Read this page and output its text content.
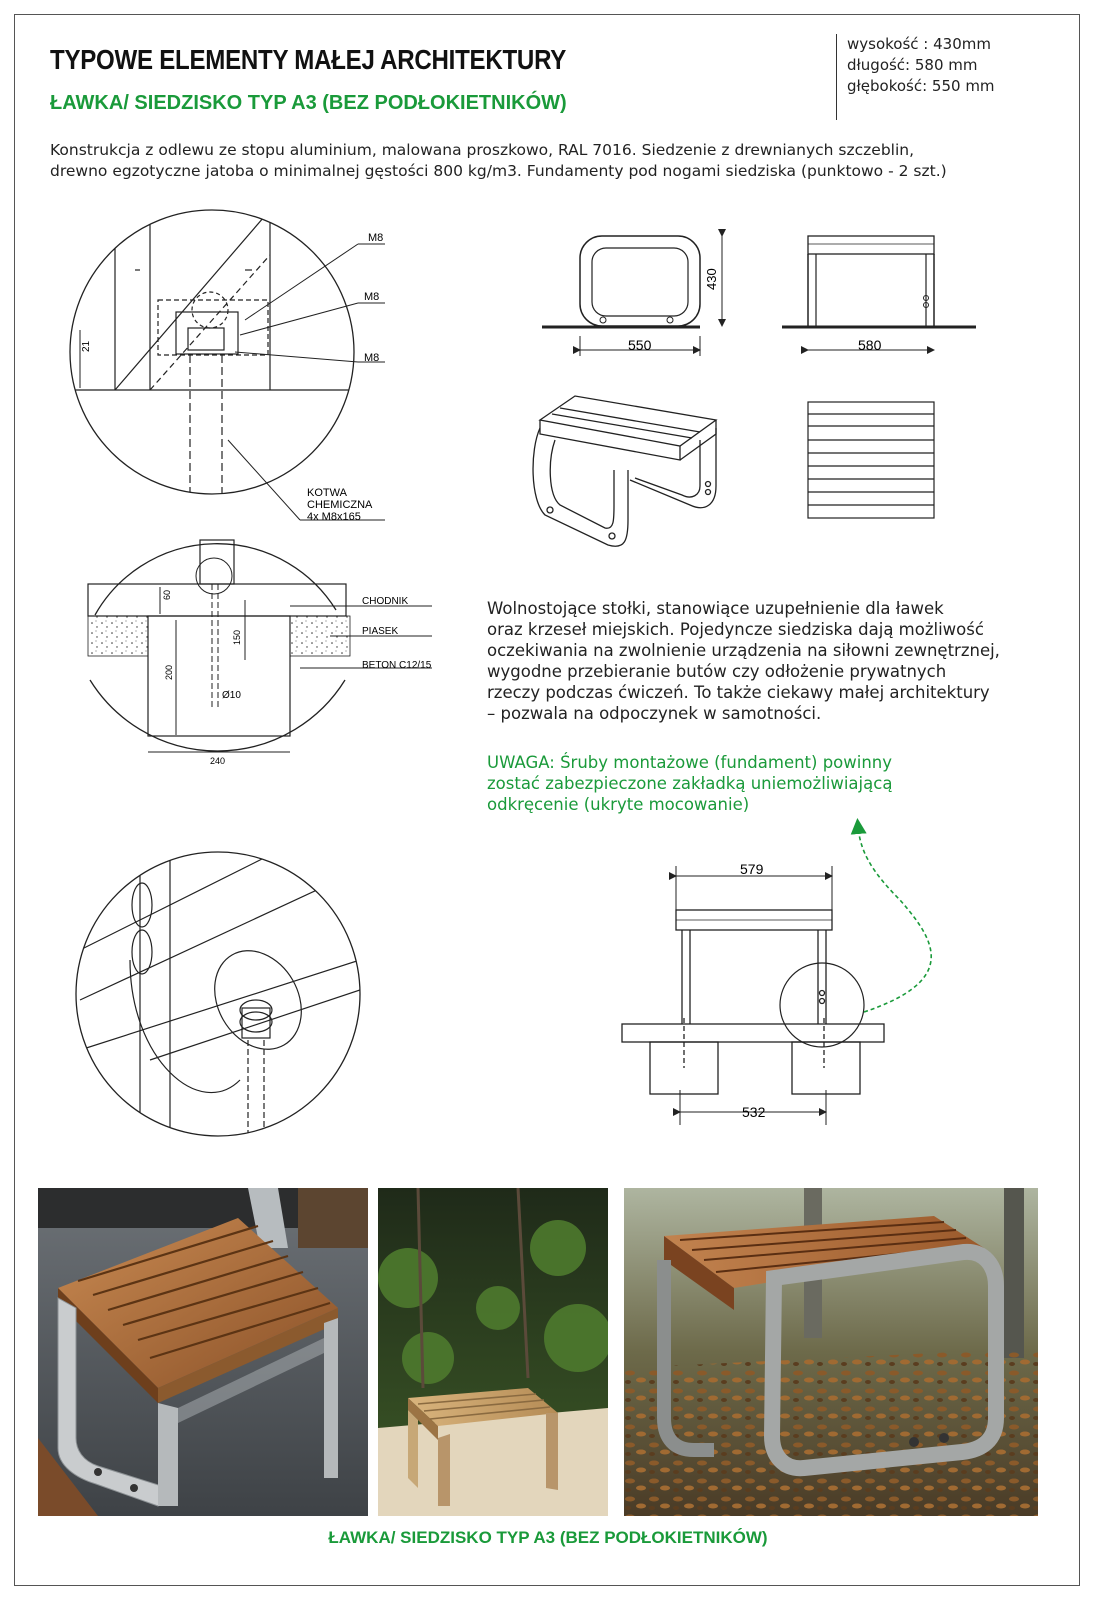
TYPOWE ELEMENTY MAŁEJ ARCHITEKTURY
ŁAWKA/ SIEDZISKO TYP A3 (BEZ PODŁOKIETNIKÓW)
wysokość : 430mm
długość: 580 mm
głębokość: 550 mm
Konstrukcja z odlewu ze stopu aluminium, malowana proszkowo, RAL 7016. Siedzenie z drewnianych szczeblin,
drewno egzotyczne jatoba o minimalnej gęstości 800 kg/m3. Fundamenty pod nogami siedziska (punktowo - 2 szt.)
M8
M8
M8
21
KOTWA
CHEMICZNA
4x M8x165
CHODNIK
PIASEK
BETON C12/15
60
150
200
Ø10
240
430
550	580
579
532
Wolnostojące stołki, stanowiące uzupełnienie dla ławek
oraz krzeseł miejskich. Pojedyncze siedziska dają możliwość
oczekiwania na zwolnienie urządzenia na siłowni zewnętrznej,
wygodne przebieranie butów czy odłożenie prywatnych
rzeczy podczas ćwiczeń. To także ciekawy małej architektury
– pozwala na odpoczynek w samotności.
UWAGA: Śruby montażowe (fundament) powinny
zostać zabezpieczone zakładką uniemożliwiającą
odkręcenie (ukryte mocowanie)
ŁAWKA/ SIEDZISKO TYP A3 (BEZ PODŁOKIETNIKÓW)
